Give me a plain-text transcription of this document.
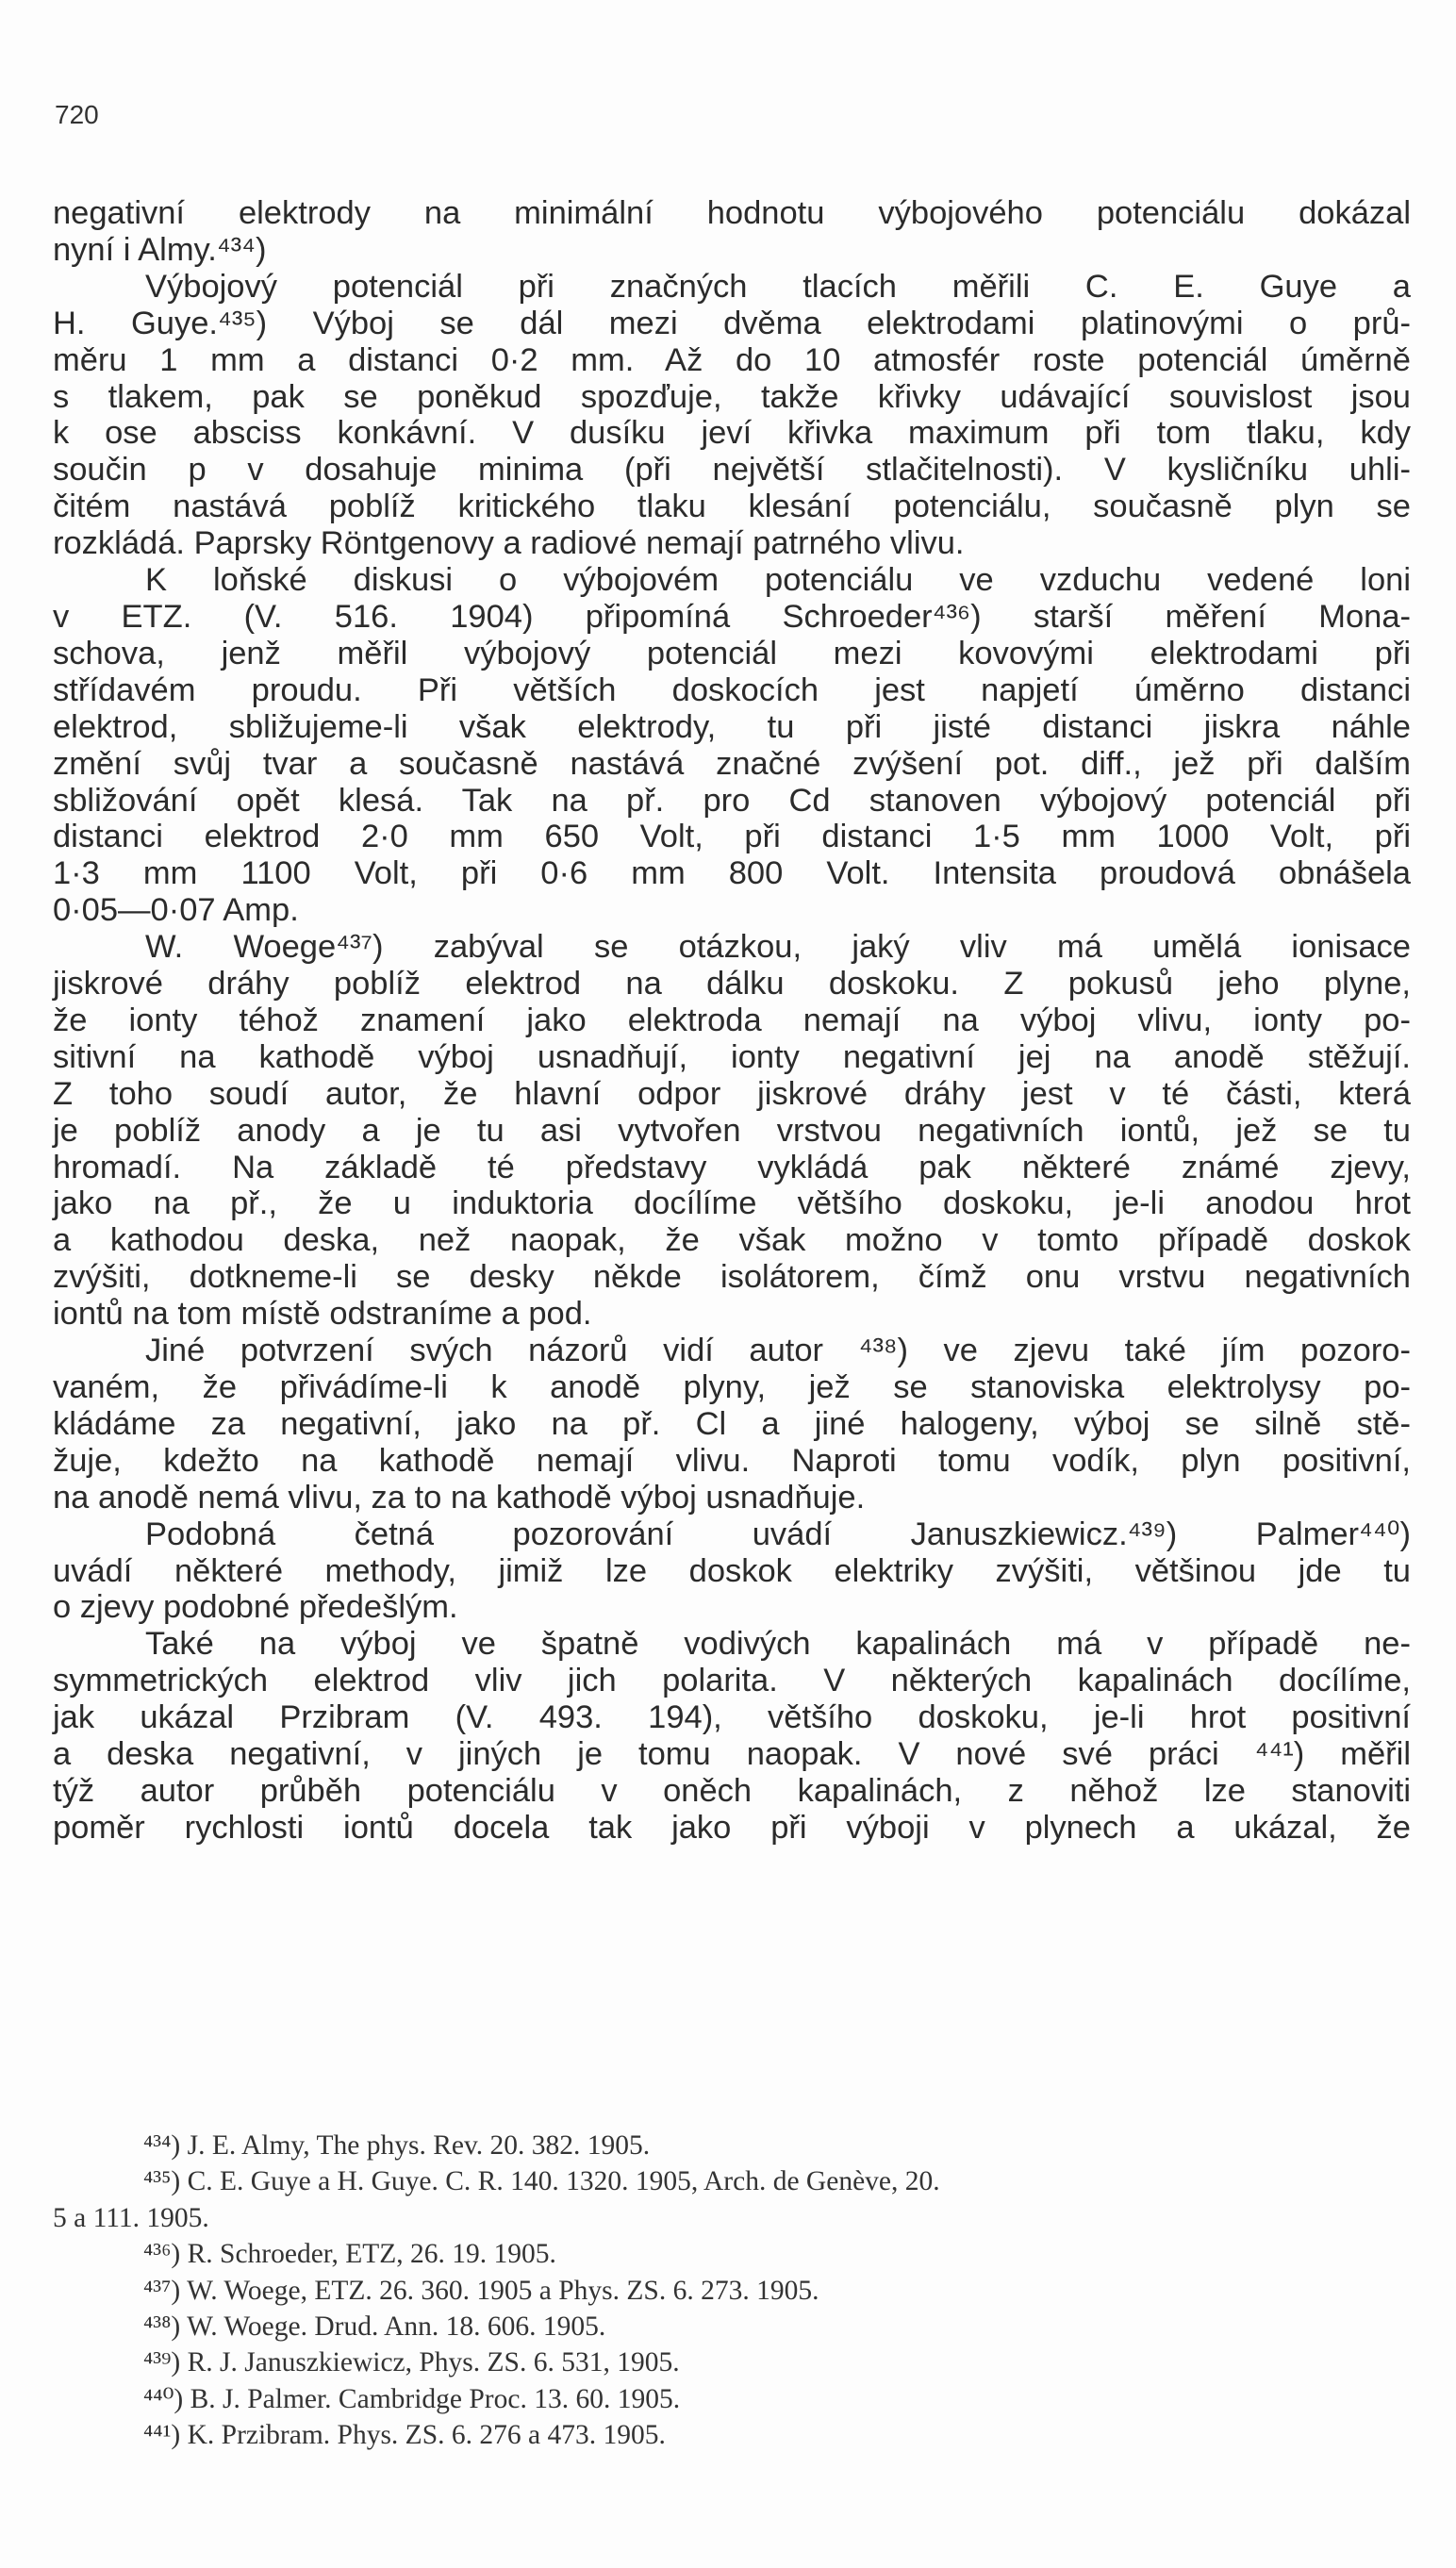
720
negativní elektrody na minimální hodnotu výbojového potenciálu dokázal
nyní i Almy.⁴³⁴)
Výbojový potenciál při značných tlacích měřili C. E. Guye a
H. Guye.⁴³⁵) Výboj se dál mezi dvěma elektrodami platinovými o prů-
měru 1 mm a distanci 0·2 mm. Až do 10 atmosfér roste potenciál úměrně
s tlakem, pak se poněkud spozďuje, takže křivky udávající souvislost jsou
k ose absciss konkávní. V dusíku jeví křivka maximum při tom tlaku, kdy
součin p v dosahuje minima (při největší stlačitelnosti). V kysličníku uhli-
čitém nastává poblíž kritického tlaku klesání potenciálu, současně plyn se
rozkládá. Paprsky Röntgenovy a radiové nemají patrného vlivu.
K loňské diskusi o výbojovém potenciálu ve vzduchu vedené loni
v ETZ. (V. 516. 1904) připomíná Schroeder⁴³⁶) starší měření Mona-
schova, jenž měřil výbojový potenciál mezi kovovými elektrodami při
střídavém proudu. Při větších doskocích jest napjetí úměrno distanci
elektrod, sbližujeme-li však elektrody, tu při jisté distanci jiskra náhle
změní svůj tvar a současně nastává značné zvýšení pot. diff., jež při dalším
sbližování opět klesá. Tak na př. pro Cd stanoven výbojový potenciál při
distanci elektrod 2·0 mm 650 Volt, při distanci 1·5 mm 1000 Volt, při
1·3 mm 1100 Volt, při 0·6 mm 800 Volt. Intensita proudová obnášela
0·05—0·07 Amp.
W. Woege⁴³⁷) zabýval se otázkou, jaký vliv má umělá ionisace
jiskrové dráhy poblíž elektrod na dálku doskoku. Z pokusů jeho plyne,
že ionty téhož znamení jako elektroda nemají na výboj vlivu, ionty po-
sitivní na kathodě výboj usnadňují, ionty negativní jej na anodě stěžují.
Z toho soudí autor, že hlavní odpor jiskrové dráhy jest v té části, která
je poblíž anody a je tu asi vytvořen vrstvou negativních iontů, jež se tu
hromadí. Na základě té představy vykládá pak některé známé zjevy,
jako na př., že u induktoria docílíme většího doskoku, je-li anodou hrot
a kathodou deska, než naopak, že však možno v tomto případě doskok
zvýšiti, dotkneme-li se desky někde isolátorem, čímž onu vrstvu negativních
iontů na tom místě odstraníme a pod.
Jiné potvrzení svých názorů vidí autor ⁴³⁸) ve zjevu také jím pozoro-
vaném, že přivádíme-li k anodě plyny, jež se stanoviska elektrolysy po-
kládáme za negativní, jako na př. Cl a jiné halogeny, výboj se silně stě-
žuje, kdežto na kathodě nemají vlivu. Naproti tomu vodík, plyn positivní,
na anodě nemá vlivu, za to na kathodě výboj usnadňuje.
Podobná četná pozorování uvádí Januszkiewicz.⁴³⁹) Palmer⁴⁴⁰)
uvádí některé methody, jimiž lze doskok elektriky zvýšiti, většinou jde tu
o zjevy podobné předešlým.
Také na výboj ve špatně vodivých kapalinách má v případě ne-
symmetrických elektrod vliv jich polarita. V některých kapalinách docílíme,
jak ukázal Przibram (V. 493. 194), většího doskoku, je-li hrot positivní
a deska negativní, v jiných je tomu naopak. V nové své práci ⁴⁴¹) měřil
týž autor průběh potenciálu v oněch kapalinách, z něhož lze stanoviti
poměr rychlosti iontů docela tak jako při výboji v plynech a ukázal, že
⁴³⁴) J. E. Almy, The phys. Rev. 20. 382. 1905.
⁴³⁵) C. E. Guye a H. Guye. C. R. 140. 1320. 1905, Arch. de Genève, 20.
5 a 111. 1905.
⁴³⁶) R. Schroeder, ETZ, 26. 19. 1905.
⁴³⁷) W. Woege, ETZ. 26. 360. 1905 a Phys. ZS. 6. 273. 1905.
⁴³⁸) W. Woege. Drud. Ann. 18. 606. 1905.
⁴³⁹) R. J. Januszkiewicz, Phys. ZS. 6. 531, 1905.
⁴⁴⁰) B. J. Palmer. Cambridge Proc. 13. 60. 1905.
⁴⁴¹) K. Przibram. Phys. ZS. 6. 276 a 473. 1905.
